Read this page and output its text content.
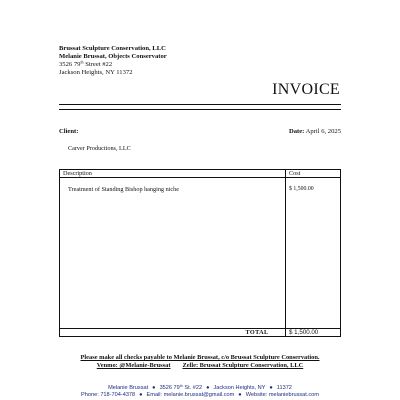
Brussat Sculpture Conservation, LLC
Melanie Brussat, Objects Conservator
3526 79th Street #22
Jackson Heights, NY 11372
INVOICE
Client:	Date: April 6, 2025
Carver Productions, LLC
Description	Cost
Treatment of Standing Bishop hanging niche	$ 1,500.00
TOTAL	$ 1,500.00
Please make all checks payable to Melanie Brussat, c/o Brussat Sculpture Conservation.
Venmo: @Melanie-Brussat Zelle: Brussat Sculpture Conservation, LLC
Melanie Brussat ● 3526 79th St. #22 ● Jackson Heights, NY ● 11372
Phone: 718-704-4378 ● Email: melanie.brussat@gmail.com ● Website: melaniebrussat.com
